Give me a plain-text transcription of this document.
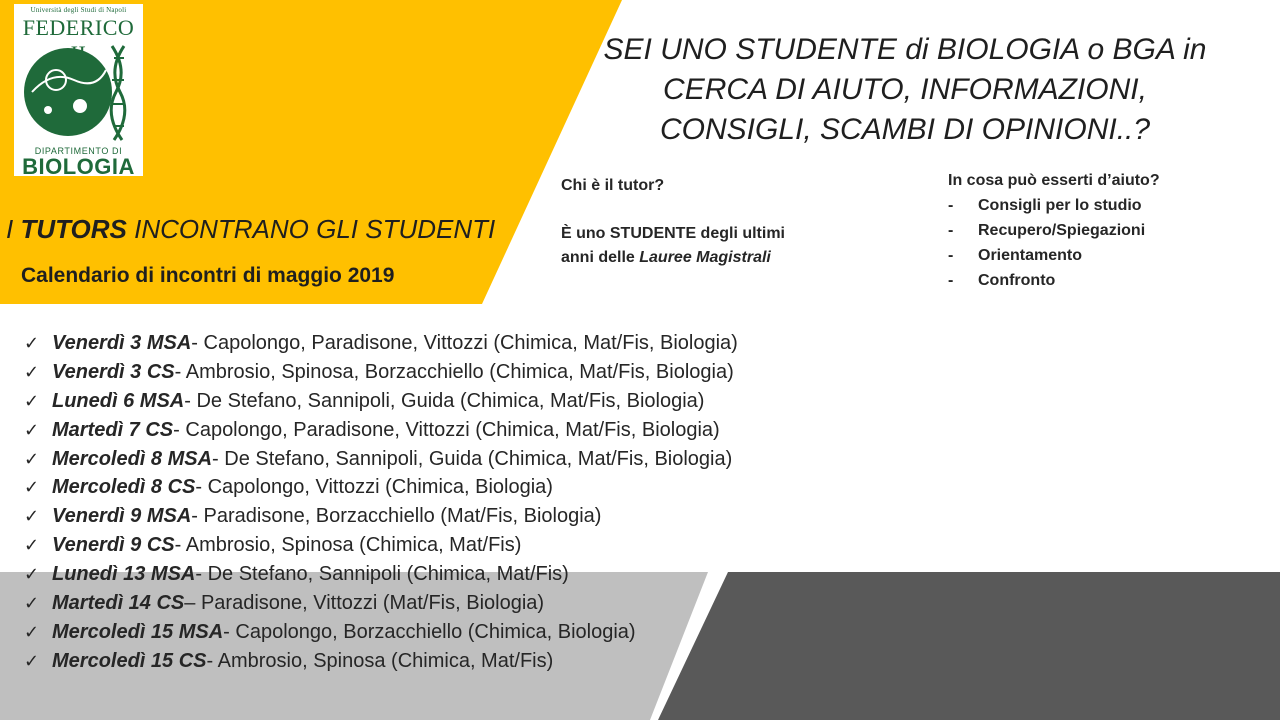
Università degli Studi di Napoli
FEDERICO
DIPARTIMENTO DI
BIOLOGIA
SEI UNO STUDENTE di BIOLOGIA o BGA in
CERCA DI AIUTO, INFORMAZIONI,
CONSIGLI, SCAMBI DI OPINIONI..?
I TUTORS INCONTRANO GLI STUDENTI
Calendario di incontri di maggio 2019
Chi è il tutor?
È uno STUDENTE degli ultimi
anni delle Lauree Magistrali
In cosa può esserti d’aiuto?
- Consigli per lo studio
- Recupero/Spiegazioni
- Orientamento
- Confronto
✓ Venerdì 3 MSA - Capolongo, Paradisone, Vittozzi (Chimica, Mat/Fis, Biologia)
✓ Venerdì 3 CS - Ambrosio, Spinosa, Borzacchiello (Chimica, Mat/Fis, Biologia)
✓ Lunedì 6 MSA - De Stefano, Sannipoli, Guida (Chimica, Mat/Fis, Biologia)
✓ Martedì 7 CS - Capolongo, Paradisone, Vittozzi (Chimica, Mat/Fis, Biologia)
✓ Mercoledì 8 MSA - De Stefano, Sannipoli, Guida (Chimica, Mat/Fis, Biologia)
✓ Mercoledì 8 CS - Capolongo, Vittozzi (Chimica, Biologia)
✓ Venerdì 9 MSA - Paradisone, Borzacchiello (Mat/Fis, Biologia)
✓ Venerdì 9 CS - Ambrosio, Spinosa (Chimica, Mat/Fis)
✓ Lunedì 13 MSA - De Stefano, Sannipoli (Chimica, Mat/Fis)
✓ Martedì 14 CS – Paradisone, Vittozzi (Mat/Fis, Biologia)
✓ Mercoledì 15 MSA - Capolongo, Borzacchiello (Chimica, Biologia)
✓ Mercoledì 15 CS - Ambrosio, Spinosa (Chimica, Mat/Fis)
